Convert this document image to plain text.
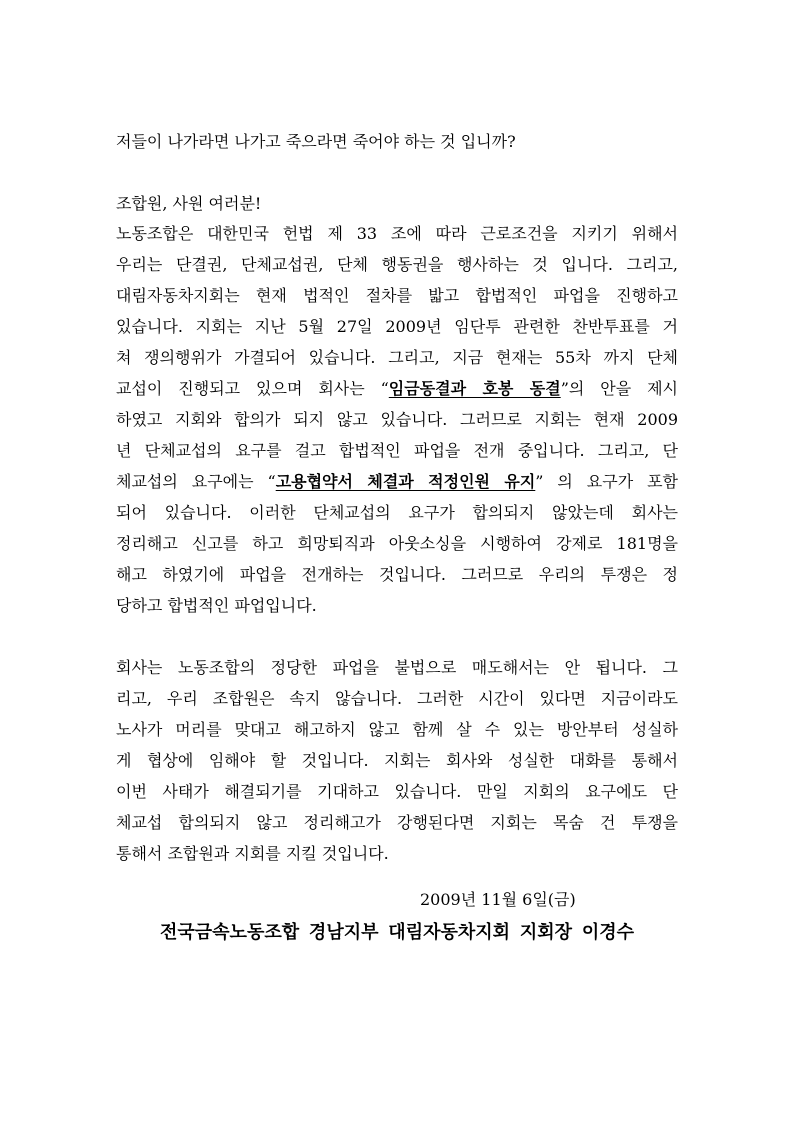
저들이 나가라면 나가고 죽으라면 죽어야 하는 것 입니까?
조합원, 사원 여러분!
노동조합은 대한민국 헌법 제 33 조에 따라 근로조건을 지키기 위해서
우리는 단결권, 단체교섭권, 단체 행동권을 행사하는 것 입니다. 그리고,
대림자동차지회는 현재 법적인 절차를 밟고 합법적인 파업을 진행하고
있습니다. 지회는 지난 5월 27일 2009년 임단투 관련한 찬반투표를 거
쳐 쟁의행위가 가결되어 있습니다. 그리고, 지금 현재는 55차 까지 단체
교섭이 진행되고 있으며 회사는 “임금동결과 호봉 동결”의 안을 제시
하였고 지회와 합의가 되지 않고 있습니다. 그러므로 지회는 현재 2009
년 단체교섭의 요구를 걸고 합법적인 파업을 전개 중입니다. 그리고, 단
체교섭의 요구에는 “고용협약서 체결과 적정인원 유지” 의 요구가 포함
되어 있습니다. 이러한 단체교섭의 요구가 합의되지 않았는데 회사는
정리해고 신고를 하고 희망퇴직과 아웃소싱을 시행하여 강제로 181명을
해고 하였기에 파업을 전개하는 것입니다. 그러므로 우리의 투쟁은 정
당하고 합법적인 파업입니다.
회사는 노동조합의 정당한 파업을 불법으로 매도해서는 안 됩니다. 그
리고, 우리 조합원은 속지 않습니다. 그러한 시간이 있다면 지금이라도
노사가 머리를 맞대고 해고하지 않고 함께 살 수 있는 방안부터 성실하
게 협상에 임해야 할 것입니다. 지회는 회사와 성실한 대화를 통해서
이번 사태가 해결되기를 기대하고 있습니다. 만일 지회의 요구에도 단
체교섭 합의되지 않고 정리해고가 강행된다면 지회는 목숨 건 투쟁을
통해서 조합원과 지회를 지킬 것입니다.
2009년 11월 6일(금)
전국금속노동조합 경남지부 대림자동차지회 지회장 이경수
